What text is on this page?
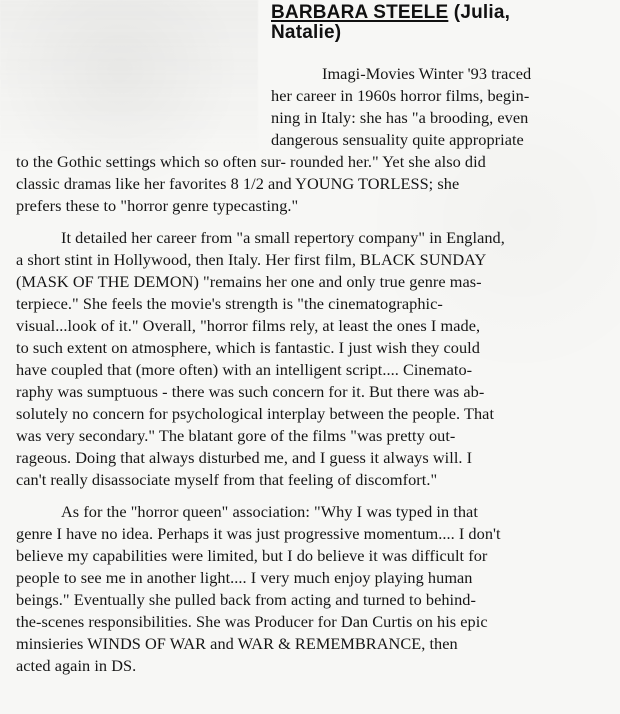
BARBARA STEELE (Julia,
Natalie)
Imagi-Movies Winter '93 traced
her career in 1960s horror films, begin-
ning in Italy: she has "a brooding, even
dangerous sensuality quite appropriate
to the Gothic settings which so often sur- rounded her." Yet she also did
classic dramas like her favorites 8 1/2 and YOUNG TORLESS; she
prefers these to "horror genre typecasting."
It detailed her career from "a small repertory company" in England,
a short stint in Hollywood, then Italy. Her first film, BLACK SUNDAY
(MASK OF THE DEMON) "remains her one and only true genre mas-
terpiece." She feels the movie's strength is "the cinematographic-
visual...look of it." Overall, "horror films rely, at least the ones I made,
to such extent on atmosphere, which is fantastic. I just wish they could
have coupled that (more often) with an intelligent script.... Cinemato-
raphy was sumptuous - there was such concern for it. But there was ab-
solutely no concern for psychological interplay between the people. That
was very secondary." The blatant gore of the films "was pretty out-
rageous. Doing that always disturbed me, and I guess it always will. I
can't really disassociate myself from that feeling of discomfort."
As for the "horror queen" association: "Why I was typed in that
genre I have no idea. Perhaps it was just progressive momentum.... I don't
believe my capabilities were limited, but I do believe it was difficult for
people to see me in another light.... I very much enjoy playing human
beings." Eventually she pulled back from acting and turned to behind-
the-scenes responsibilities. She was Producer for Dan Curtis on his epic
minsieries WINDS OF WAR and WAR & REMEMBRANCE, then
acted again in DS.
